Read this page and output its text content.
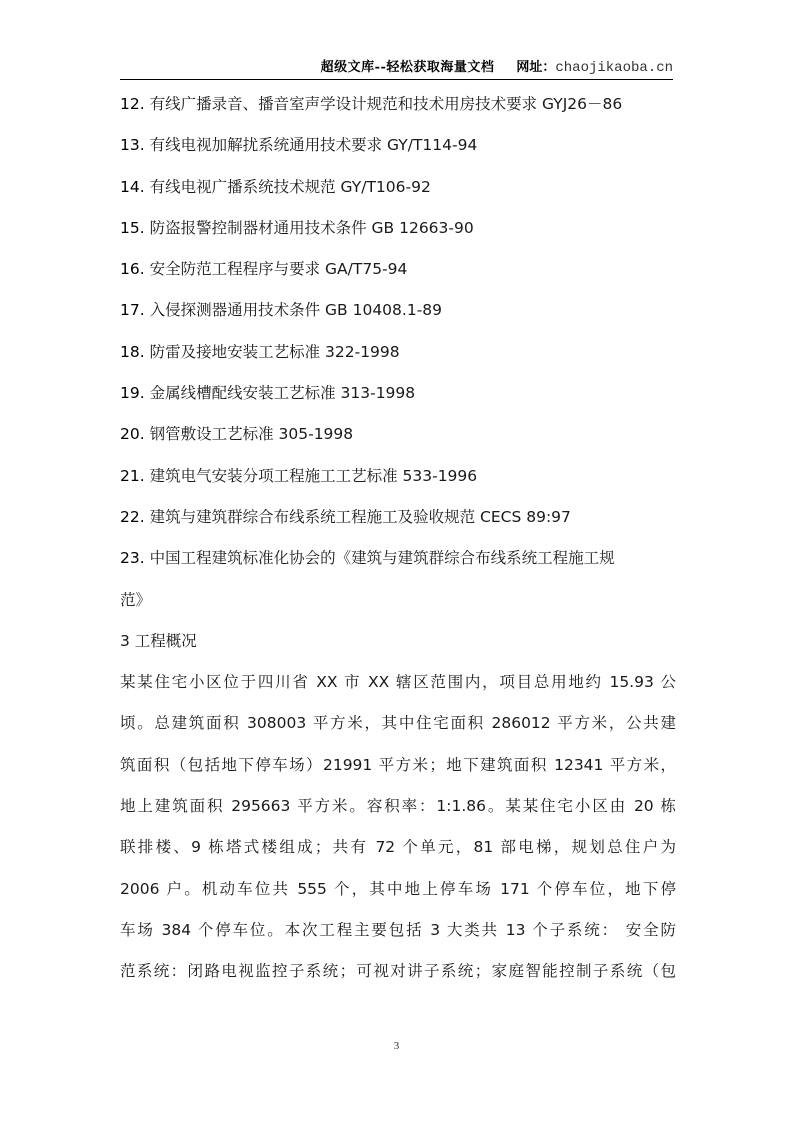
超级文库--轻松获取海量文档 网址：chaojikaoba.cn
12. 有线广播录音、播音室声学设计规范和技术用房技术要求 GYJ26－86
13. 有线电视加解扰系统通用技术要求 GY/T114-94
14. 有线电视广播系统技术规范 GY/T106-92
15. 防盗报警控制器材通用技术条件 GB 12663-90
16. 安全防范工程程序与要求 GA/T75-94
17. 入侵探测器通用技术条件 GB 10408.1-89
18. 防雷及接地安装工艺标准 322-1998
19. 金属线槽配线安装工艺标准 313-1998
20. 钢管敷设工艺标准 305-1998
21. 建筑电气安装分项工程施工工艺标准 533-1996
22. 建筑与建筑群综合布线系统工程施工及验收规范 CECS 89:97
23. 中国工程建筑标准化协会的《建筑与建筑群综合布线系统工程施工规
范》
3 工程概况
某某住宅小区位于四川省 XX 市 XX 辖区范围内，项目总用地约 15.93 公
顷。总建筑面积 308003 平方米，其中住宅面积 286012 平方米，公共建
筑面积（包括地下停车场）21991 平方米；地下建筑面积 12341 平方米，
地上建筑面积 295663 平方米。容积率：1:1.86。某某住宅小区由 20 栋
联排楼、9 栋塔式楼组成；共有 72 个单元，81 部电梯，规划总住户为
2006 户。机动车位共 555 个，其中地上停车场 171 个停车位，地下停
车场 384 个停车位。本次工程主要包括 3 大类共 13 个子系统： 安全防
范系统：闭路电视监控子系统；可视对讲子系统；家庭智能控制子系统（包
3
